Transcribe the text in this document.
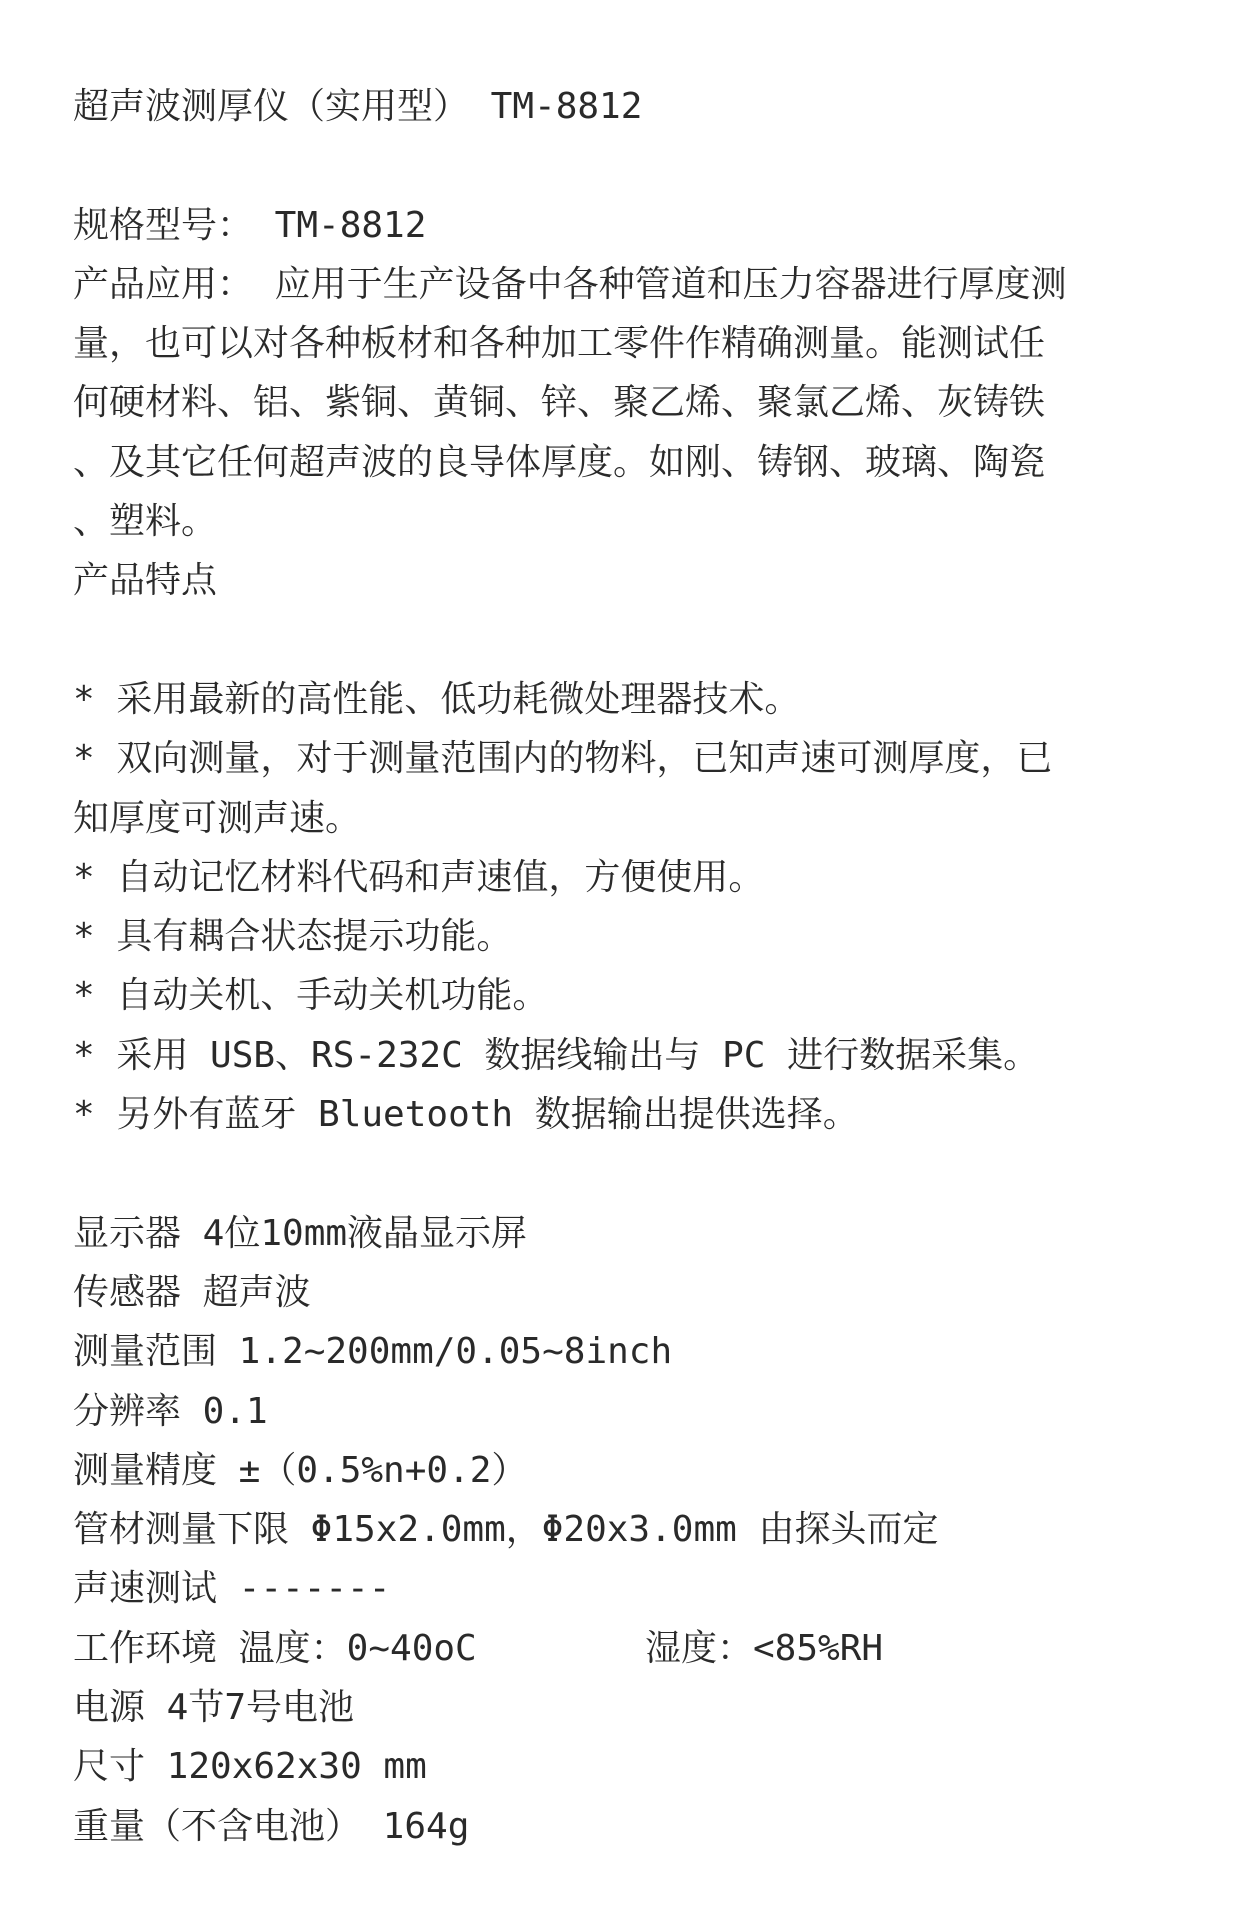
超声波测厚仪（实用型） TM-8812
规格型号： TM-8812
产品应用： 应用于生产设备中各种管道和压力容器进行厚度测
量，也可以对各种板材和各种加工零件作精确测量。能测试任
何硬材料、铝、紫铜、黄铜、锌、聚乙烯、聚氯乙烯、灰铸铁
、及其它任何超声波的良导体厚度。如刚、铸钢、玻璃、陶瓷
、塑料。
产品特点
* 采用最新的高性能、低功耗微处理器技术。
* 双向测量，对于测量范围内的物料，已知声速可测厚度，已
知厚度可测声速。
* 自动记忆材料代码和声速值，方便使用。
* 具有耦合状态提示功能。
* 自动关机、手动关机功能。
* 采用 USB、RS-232C 数据线输出与 PC 进行数据采集。
* 另外有蓝牙 Bluetooth 数据输出提供选择。
显示器 4位10mm液晶显示屏
传感器 超声波
测量范围 1.2~200mm/0.05~8inch
分辨率 0.1
测量精度 ±（0.5%n+0.2）
管材测量下限 Φ15x2.0mm，Φ20x3.0mm 由探头而定
声速测试 -------
工作环境 温度：0~40oC	湿度：<85%RH
电源 4节7号电池
尺寸 120x62x30 mm
重量（不含电池） 164g
